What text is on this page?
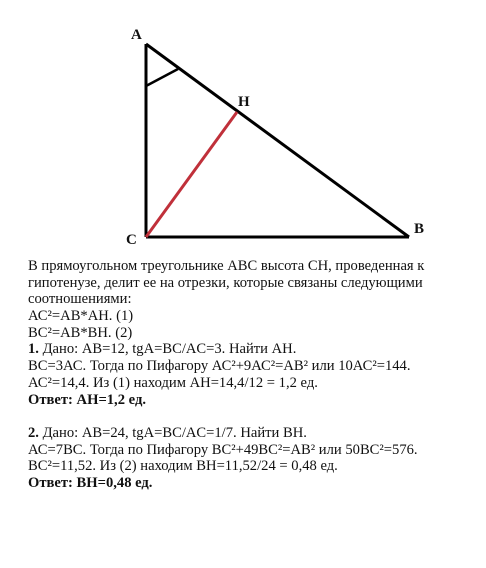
A
H
C
B
В прямоугольном треугольнике АВС высота СН, проведенная к гипотенузе, делит ее на отрезки, которые связаны следующими соотношениями:
АС²=АВ*АН. (1)
ВС²=АВ*ВН. (2)
1. Дано: АВ=12, tgA=BC/AC=3. Найти АН.
ВС=3АС. Тогда по Пифагору АС²+9АС²=АВ² или 10АС²=144.
АС²=14,4. Из (1) находим АН=14,4/12 = 1,2 ед.
Ответ: АН=1,2 ед.
2. Дано: АВ=24, tgA=BC/AC=1/7. Найти ВН.
АС=7ВС. Тогда по Пифагору ВС²+49ВС²=АВ² или 50ВС²=576.
ВС²=11,52. Из (2) находим ВН=11,52/24 = 0,48 ед.
Ответ: ВН=0,48 ед.
